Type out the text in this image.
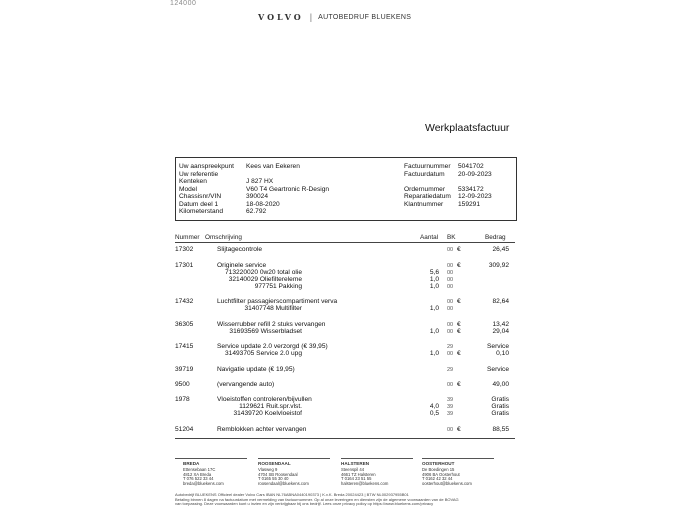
124000
VOLVO | AUTOBEDRUF BLUEKENS
Werkplaatsfactuur
Uw aanspreekpunt Kees van Eekeren
Uw referentie
Kenteken	J 827 HX
Model	V60 T4 Geartronic R-Design
Chassisnr/VIN	390024
Datum deel 1	18-08-2020
Kilometerstand	62.792
Factuurnummer 5041702
Factuurdatum 20-09-2023
Ordernummer 5334172
Reparatiedatum 12-09-2023
Klantnummer 159291
Nummer Omschrijving	Aantal BK	Bedrag
17302	Slijtagecontrole	00 €	26,45
17301	Originele service	00 €	309,92
713220020 0w20 total olie	5,6 00
32140029 Oliefiltereleme	1,0 00
977751 Pakking	1,0 00
17432	Luchtfilter passagierscompartiment verva	00 €	82,64
31407748 Multifilter	1,0 00
36305	Wisserrubber refill 2 stuks vervangen	00 €	13,42
31693569 Wisserbladset	1,0 00 €	29,04
17415	Service update 2.0 verzorgd (€ 39,95)	29	Service
31493705 Service 2.0 upg	1,0 00 €	0,10
39719	Navigatie update (€ 19,95)	29	Service
9500	(vervangende auto)	00 €	49,00
1978	Vloeistoffen controleren/bijvullen	39	Gratis
1129621 Ruit.spr.vlst.	4,0 39	Gratis
31439720 Koelvloeistof	0,5 39	Gratis
51204	Remblokken achter vervangen	00 €	88,55
BREDA
Ettensebaan 17C
4812 XA Breda
T 076 522 33 44
breda@bluekens.com
ROOSENDAAL
Vlasweg 9
4704 SB Roosendaal
T 0165 55 30 40
roosendaal@bluekens.com
HALSTEREN
Steenspil 44
4661 TZ Halsteren
T 0164 23 51 55
halsteren@bluekens.com
OOSTERHOUT
De Boedingen 15
4906 BA Oosterhout
T 0162 42 32 44
oosterhout@bluekens.com
Autobedrijf BLUEKENS Officieel dealer Volvo Cars IBAN NL76ABNA0440190373 | K.v.K. Breda 20024423 | BTW NL002937955B01
Betaling binnen 8 dagen na factuurdatum met vermelding van factuurnummer. Op al onze leveringen en diensten zijn de algemene voorwaarden van de BOVAG
van toepassing. Deze voorwaarden kunt u inzien en zijn verkrijgbaar bij ons bedrijf. Lees onze privacy policy op https://www.bluekens.com/privacy
